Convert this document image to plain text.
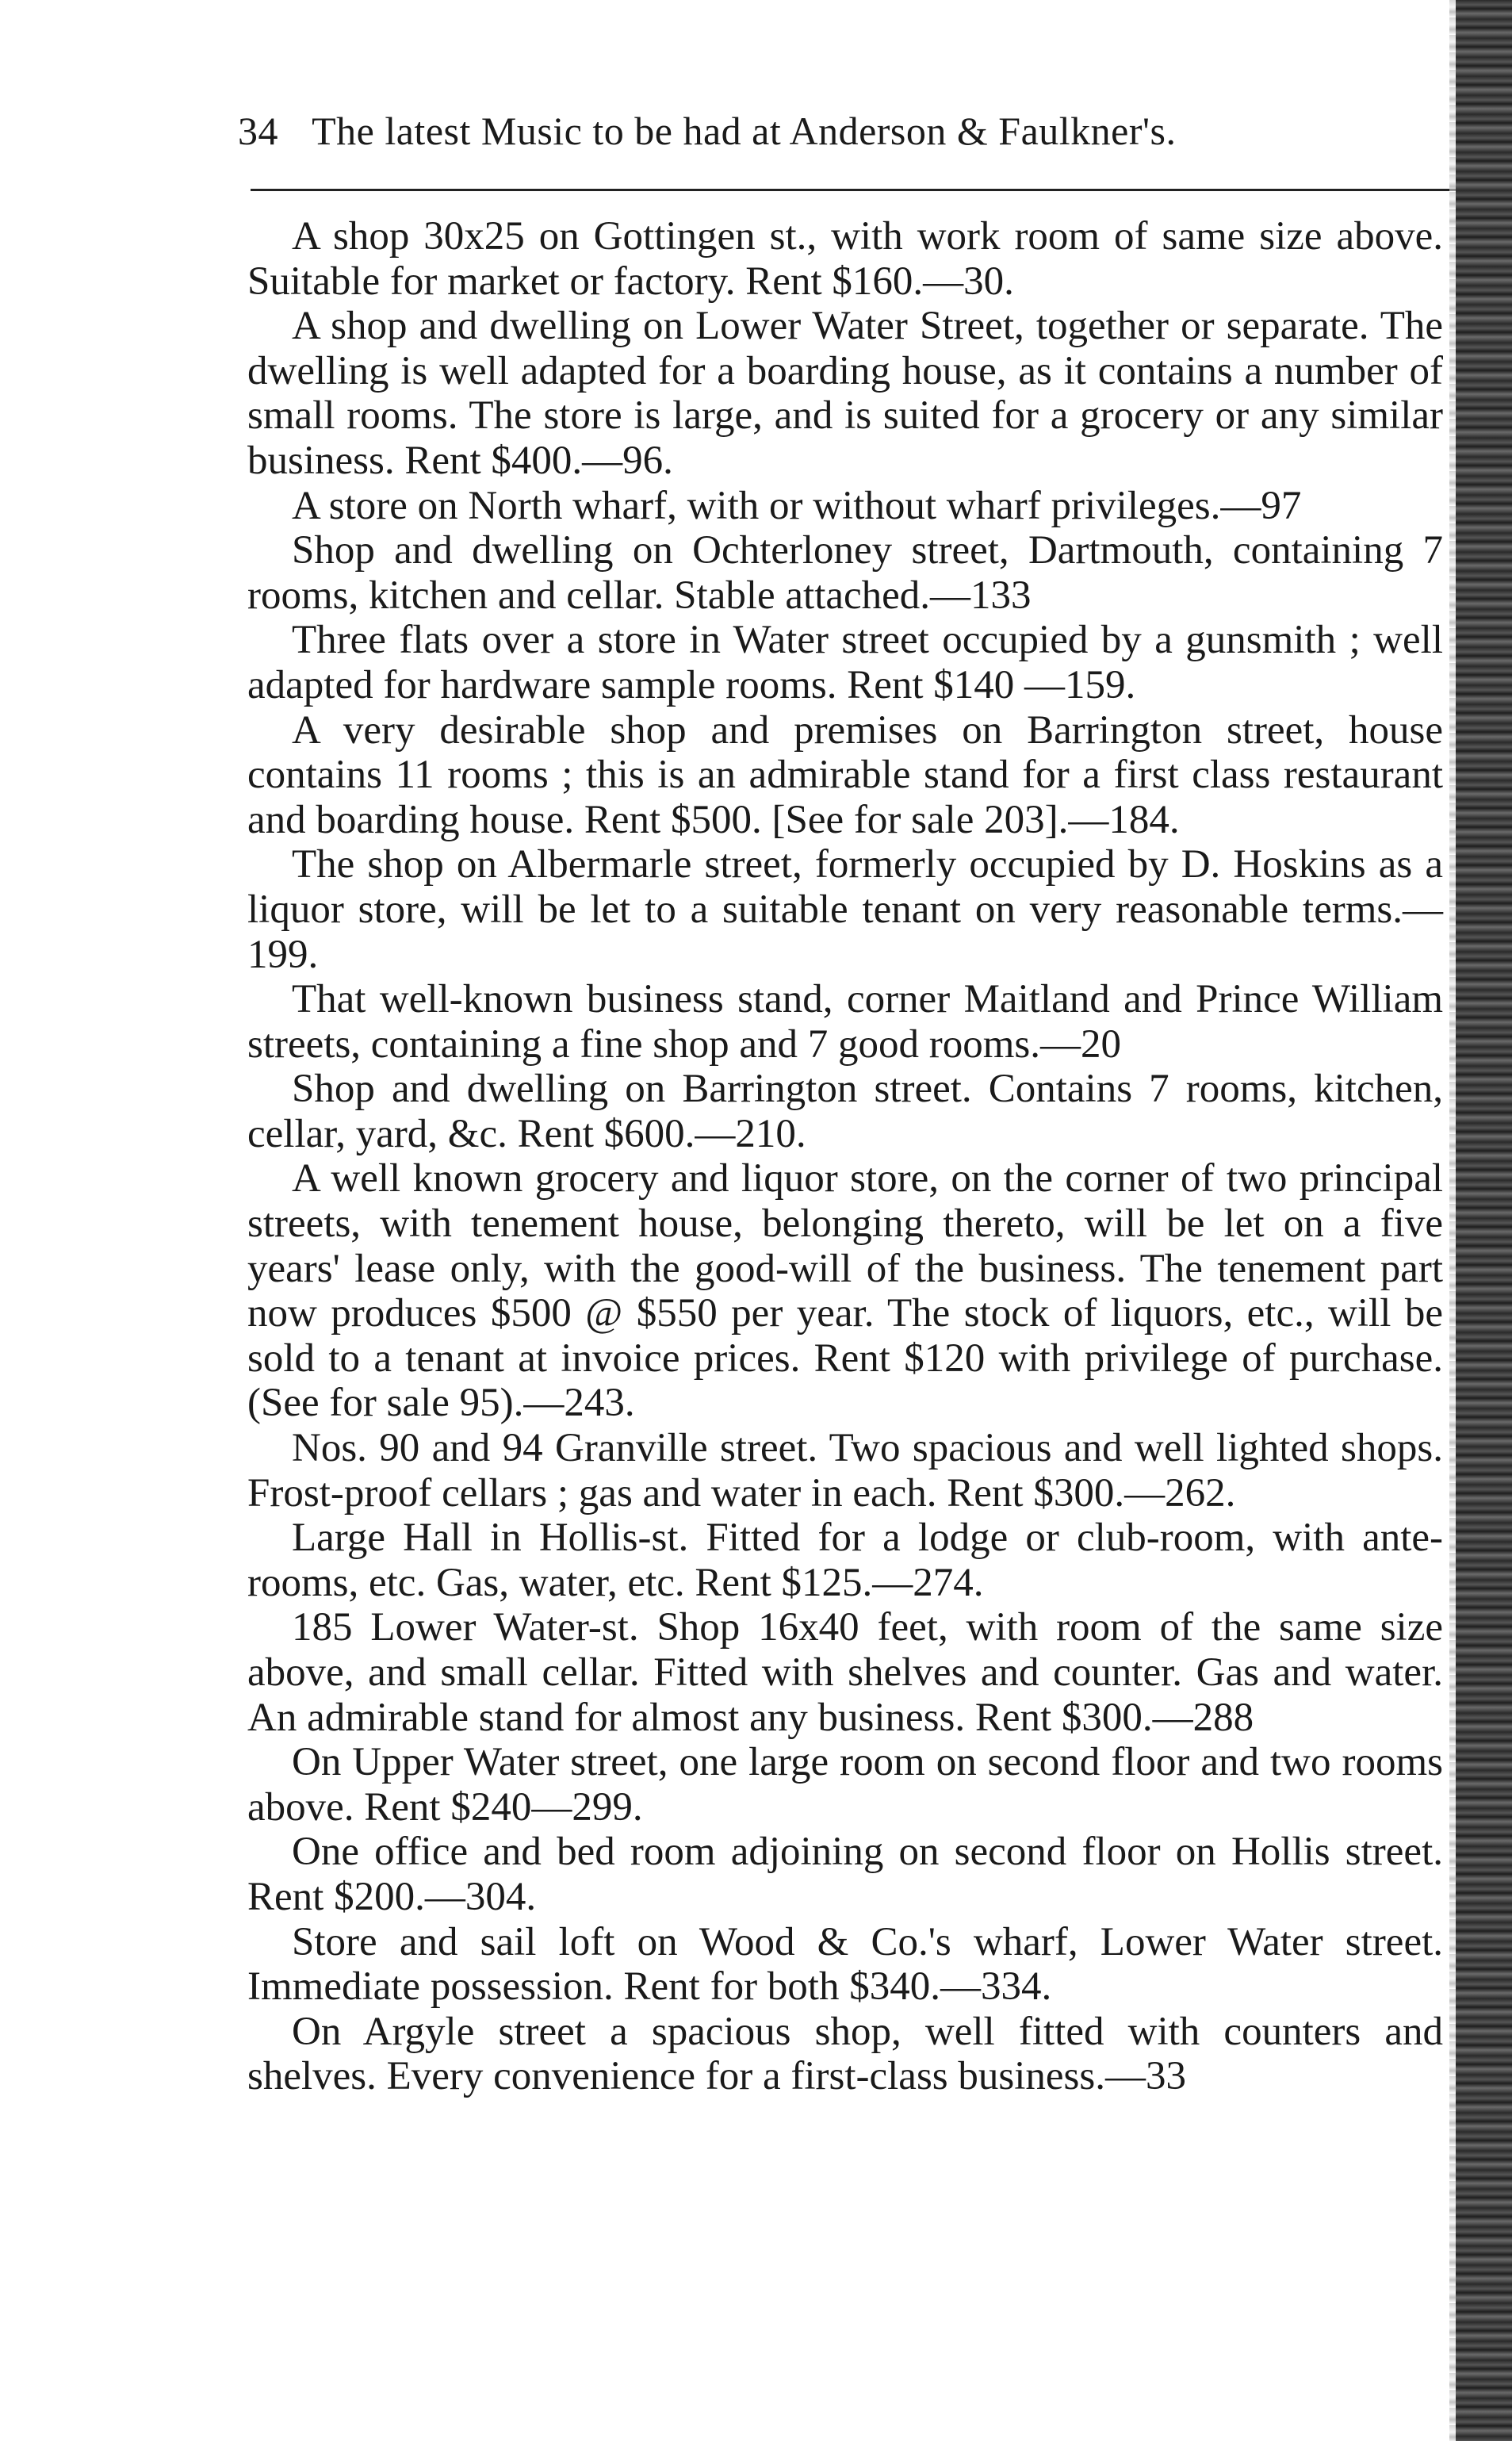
34 The latest Music to be had at Anderson & Faulkner's.

A shop 30x25 on Gottingen st., with work room of same size above. Suitable for market or factory. Rent $160.—30.

A shop and dwelling on Lower Water Street, together or separate. The dwelling is well adapted for a boarding house, as it contains a number of small rooms. The store is large, and is suited for a grocery or any similar business. Rent $400.—96.

A store on North wharf, with or without wharf privileges.—97

Shop and dwelling on Ochterloney street, Dartmouth, containing 7 rooms, kitchen and cellar. Stable attached.—133

Three flats over a store in Water street occupied by a gunsmith ; well adapted for hardware sample rooms. Rent $140 —159.

A very desirable shop and premises on Barrington street, house contains 11 rooms ; this is an admirable stand for a first class restaurant and boarding house. Rent $500. [See for sale 203].—184.

The shop on Albermarle street, formerly occupied by D. Hoskins as a liquor store, will be let to a suitable tenant on very reasonable terms.—199.

That well-known business stand, corner Maitland and Prince William streets, containing a fine shop and 7 good rooms.—20

Shop and dwelling on Barrington street. Contains 7 rooms, kitchen, cellar, yard, &c. Rent $600.—210.

A well known grocery and liquor store, on the corner of two principal streets, with tenement house, belonging thereto, will be let on a five years' lease only, with the good-will of the business. The tenement part now produces $500 @ $550 per year. The stock of liquors, etc., will be sold to a tenant at invoice prices. Rent $120 with privilege of purchase. (See for sale 95).—243.

Nos. 90 and 94 Granville street. Two spacious and well lighted shops. Frost-proof cellars ; gas and water in each. Rent $300.—262.

Large Hall in Hollis-st. Fitted for a lodge or club-room, with ante-rooms, etc. Gas, water, etc. Rent $125.—274.

185 Lower Water-st. Shop 16x40 feet, with room of the same size above, and small cellar. Fitted with shelves and counter. Gas and water. An admirable stand for almost any business. Rent $300.—288

On Upper Water street, one large room on second floor and two rooms above. Rent $240—299.

One office and bed room adjoining on second floor on Hollis street. Rent $200.—304.

Store and sail loft on Wood & Co.'s wharf, Lower Water street. Immediate possession. Rent for both $340.—334.

On Argyle street a spacious shop, well fitted with counters and shelves. Every convenience for a first-class business.—33
